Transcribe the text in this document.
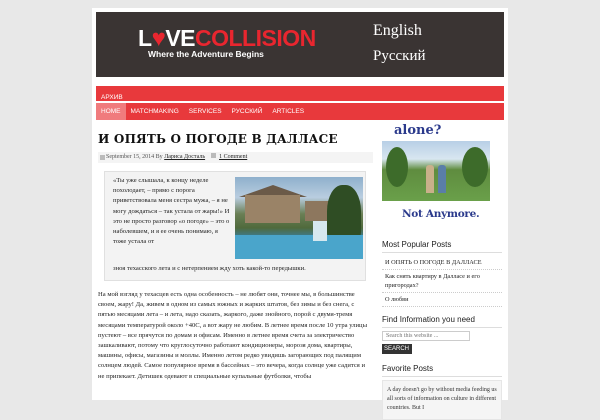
L♥VECOLLISION
Where the Adventure Begins
English
Русский
АРХИВ
HOME	MATCHMAKING	SERVICES	РУССКИЙ	ARTICLES
И ОПЯТЬ О ПОГОДЕ В ДАЛЛАСЕ
September 15, 2014 By Лариса Досталь 1 Comment
«Ты уже слышала, к концу неделе похолодает, – прямо с порога приветствовала меня сестра мужа, – я не могу дождаться – так устала от жары!» И это не просто разговор «о погоде» – это о наболевшем, и я ее очень понимаю, я тоже устала от
зноя техасского лета и с нетерпением жду хоть какой-то передышки.
На мой взгляд у техасцев есть одна особенность – не любят они, точнее мы, в большинстве своем, жару! Да, живем в одном из самых южных и жарких штатов, без зимы и без снега, с пятью месяцами лета – и лета, надо сказать, жаркого, даже знойного, порой с двумя-тремя месяцами температурой около +40С, а вот жару не любим. В летнее время после 10 утра улицы пустеют – все прячутся по домам и офисам. Именно в летнее время счета за электричество зашкаливают, потому что круглосуточно работают кондиционеры, морозя дома, квартиры, машины, офисы, магазины и моллы. Именно летом редко увидишь загорающих под палящим солнцем людей. Самое популярное время в бассейнах – это вечера, когда солнце уже садится и не припекает. Детишек одевают в специальные купальные футболки, чтобы
alone?
Not Anymore.
Most Popular Posts
И ОПЯТЬ О ПОГОДЕ В ДАЛЛАСЕ
Как снять квартиру в Далласе и его пригородах?
О любви
Find Information you need
Search this website ...
SEARCH
Favorite Posts
A day doesn't go by without media feeding us all sorts of information on culture in different countries. But I
